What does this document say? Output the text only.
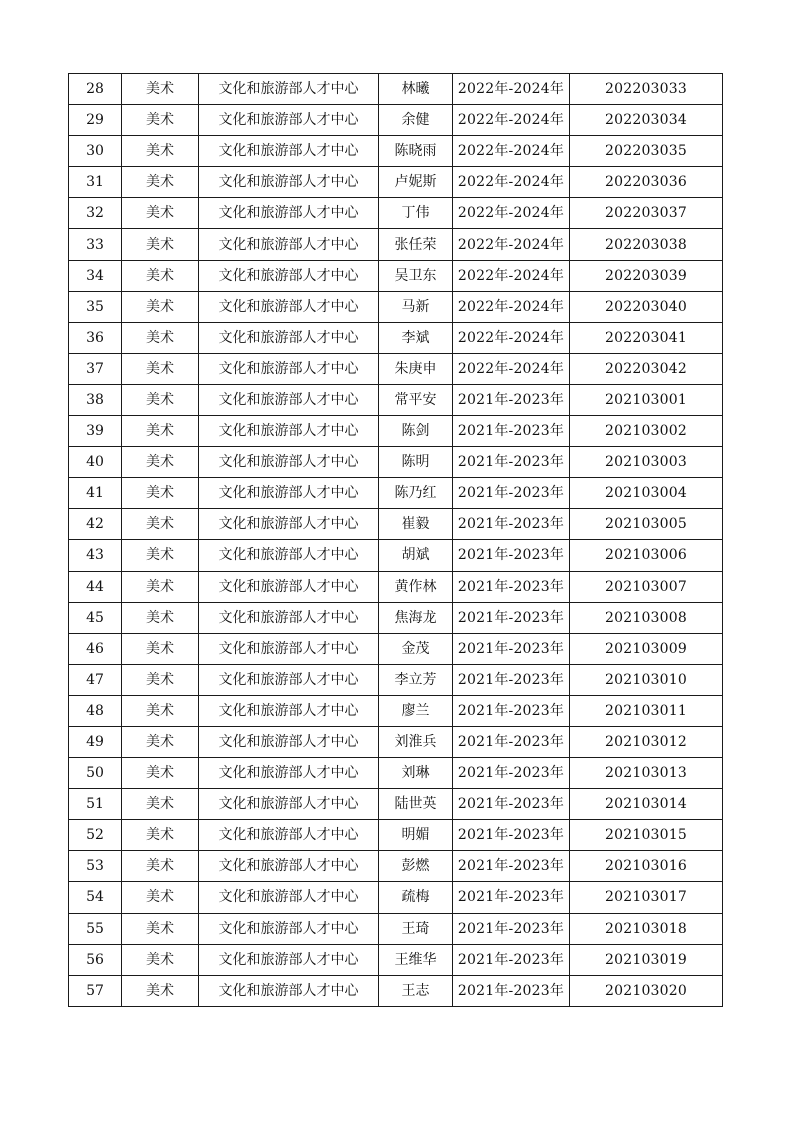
28	美术	文化和旅游部人才中心	林曦	2022年-2024年	202203033
29	美术	文化和旅游部人才中心	余健	2022年-2024年	202203034
30	美术	文化和旅游部人才中心	陈晓雨	2022年-2024年	202203035
31	美术	文化和旅游部人才中心	卢妮斯	2022年-2024年	202203036
32	美术	文化和旅游部人才中心	丁伟	2022年-2024年	202203037
33	美术	文化和旅游部人才中心	张任荣	2022年-2024年	202203038
34	美术	文化和旅游部人才中心	吴卫东	2022年-2024年	202203039
35	美术	文化和旅游部人才中心	马新	2022年-2024年	202203040
36	美术	文化和旅游部人才中心	李斌	2022年-2024年	202203041
37	美术	文化和旅游部人才中心	朱庚申	2022年-2024年	202203042
38	美术	文化和旅游部人才中心	常平安	2021年-2023年	202103001
39	美术	文化和旅游部人才中心	陈剑	2021年-2023年	202103002
40	美术	文化和旅游部人才中心	陈明	2021年-2023年	202103003
41	美术	文化和旅游部人才中心	陈乃红	2021年-2023年	202103004
42	美术	文化和旅游部人才中心	崔毅	2021年-2023年	202103005
43	美术	文化和旅游部人才中心	胡斌	2021年-2023年	202103006
44	美术	文化和旅游部人才中心	黄作林	2021年-2023年	202103007
45	美术	文化和旅游部人才中心	焦海龙	2021年-2023年	202103008
46	美术	文化和旅游部人才中心	金茂	2021年-2023年	202103009
47	美术	文化和旅游部人才中心	李立芳	2021年-2023年	202103010
48	美术	文化和旅游部人才中心	廖兰	2021年-2023年	202103011
49	美术	文化和旅游部人才中心	刘淮兵	2021年-2023年	202103012
50	美术	文化和旅游部人才中心	刘琳	2021年-2023年	202103013
51	美术	文化和旅游部人才中心	陆世英	2021年-2023年	202103014
52	美术	文化和旅游部人才中心	明媚	2021年-2023年	202103015
53	美术	文化和旅游部人才中心	彭燃	2021年-2023年	202103016
54	美术	文化和旅游部人才中心	疏梅	2021年-2023年	202103017
55	美术	文化和旅游部人才中心	王琦	2021年-2023年	202103018
56	美术	文化和旅游部人才中心	王维华	2021年-2023年	202103019
57	美术	文化和旅游部人才中心	王志	2021年-2023年	202103020
